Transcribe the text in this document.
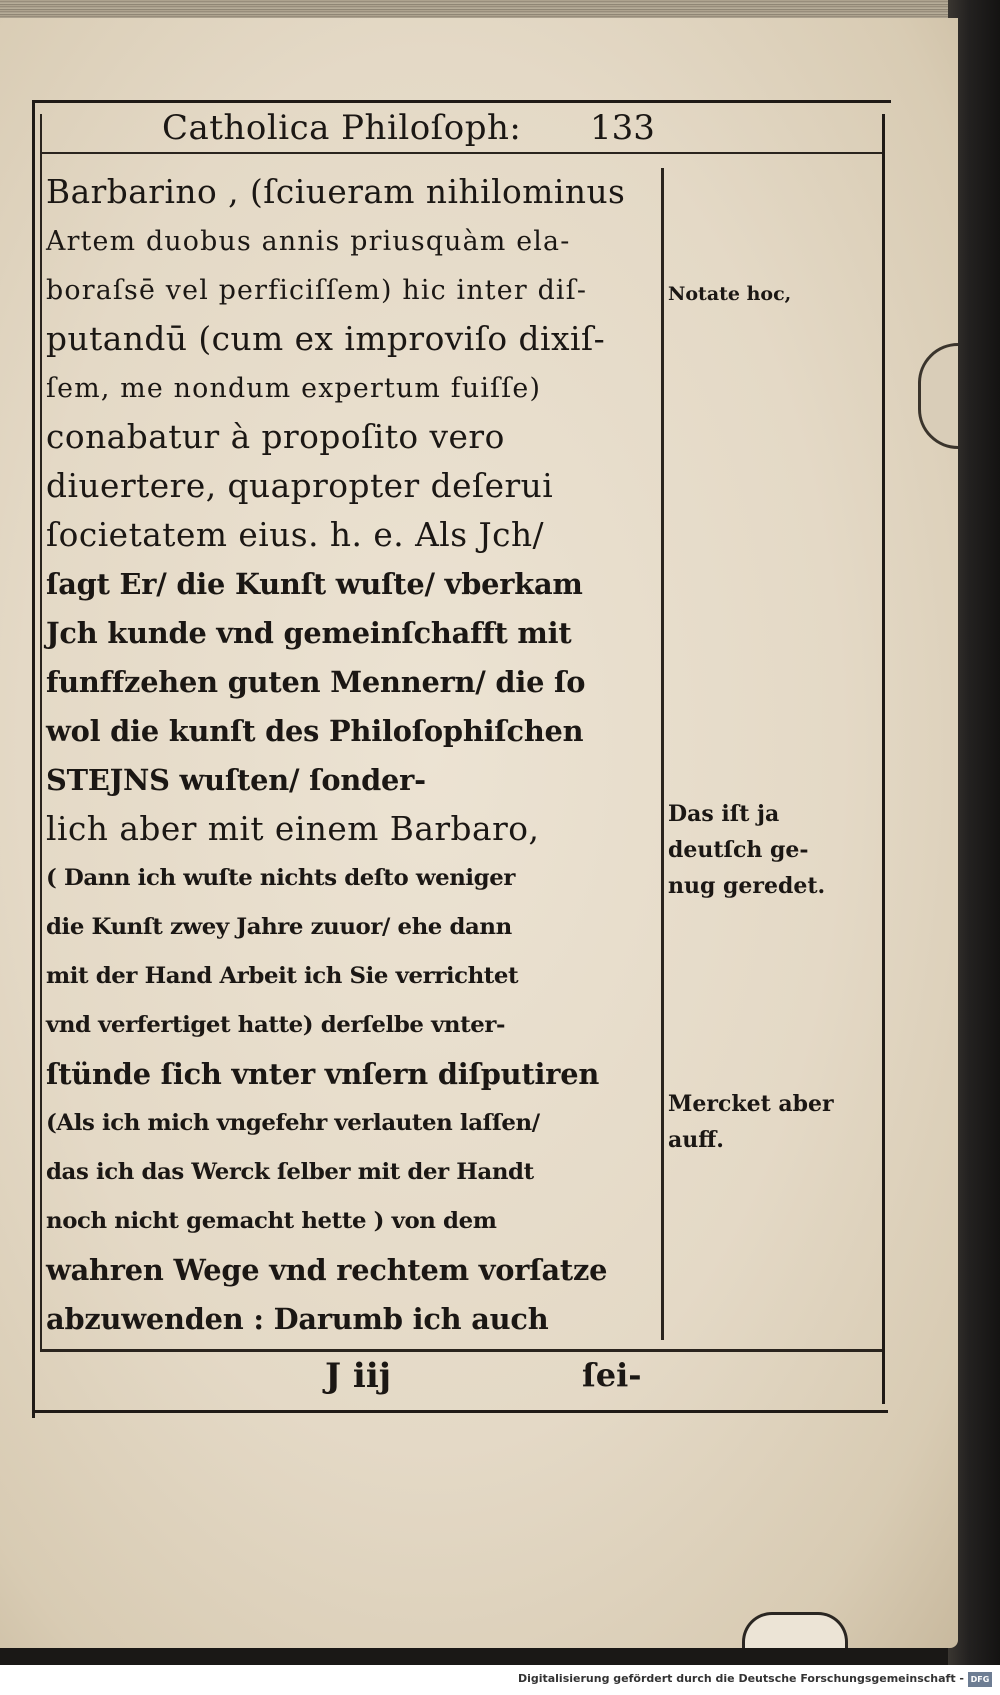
Catholica Philoſoph: 133
Barbarino , (ſciueram nihilominus
Artem duobus annis priusquàm ela-
boraſsē vel perficiſſem) hic inter diſ-
putandū (cum ex improviſo dixiſ-
ſem, me nondum expertum fuiſſe)
conabatur à propoſito vero
diuertere, quapropter deſerui
ſocietatem eius. h. e. Als Jch/
ſagt Er/ die Kunſt wuſte/ vberkam
Jch kunde vnd gemeinſchafft mit
funffzehen guten Mennern/ die ſo
wol die kunſt des Philoſophiſchen
STEJNS wuſten/ ſonder-
lich aber mit einem Barbaro,
( Dann ich wuſte nichts deſto weniger
die Kunſt zwey Jahre zuuor/ ehe dann
mit der Hand Arbeit ich Sie verrichtet
vnd verfertiget hatte) derſelbe vnter-
ſtünde ſich vnter vnſern diſputiren
(Als ich mich vngefehr verlauten laſſen/
das ich das Werck ſelber mit der Handt
noch nicht gemacht hette ) von dem
wahren Wege vnd rechtem vorſatze
abzuwenden : Darumb ich auch
Notate hoc,
Das iſt ja
deutſch ge-
nug geredet.
Mercket aber
auff.
J iij	ſei-
Digitalisierung gefördert durch die Deutsche Forschungsgemeinschaft - DFG
